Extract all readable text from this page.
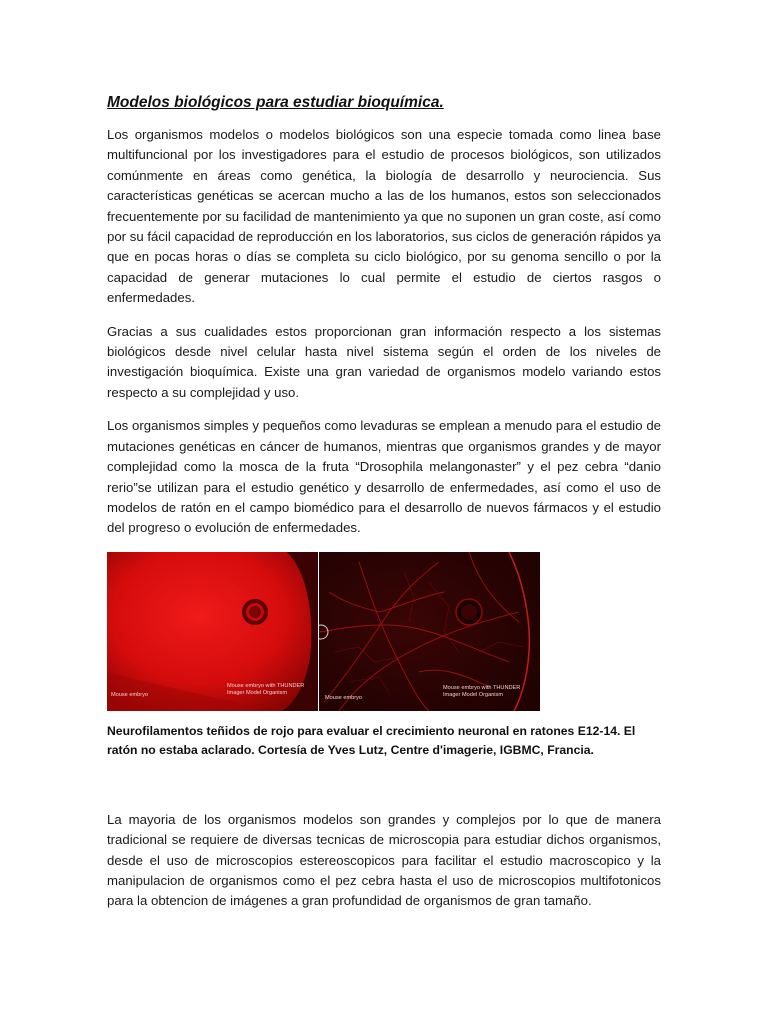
Modelos biológicos para estudiar bioquímica.

Los organismos modelos o modelos biológicos son una especie tomada como linea base multifuncional por los investigadores para el estudio de procesos biológicos, son utilizados comúnmente en áreas como genética, la biología de desarrollo y neurociencia. Sus características genéticas se acercan mucho a las de los humanos, estos son seleccionados frecuentemente por su facilidad de mantenimiento ya que no suponen un gran coste, así como por su fácil capacidad de reproducción en los laboratorios, sus ciclos de generación rápidos ya que en pocas horas o días se completa su ciclo biológico, por su genoma sencillo o por la capacidad de generar mutaciones lo cual permite el estudio de ciertos rasgos o enfermedades.

Gracias a sus cualidades estos proporcionan gran información respecto a los sistemas biológicos desde nivel celular hasta nivel sistema según el orden de los niveles de investigación bioquímica. Existe una gran variedad de organismos modelo variando estos respecto a su complejidad y uso.

Los organismos simples y pequeños como levaduras se emplean a menudo para el estudio de mutaciones genéticas en cáncer de humanos, mientras que organismos grandes y de mayor complejidad como la mosca de la fruta “Drosophila melangonaster” y el pez cebra “danio rerio”se utilizan para el estudio genético y desarrollo de enfermedades, así como el uso de modelos de ratón en el campo biomédico para el desarrollo de nuevos fármacos y el estudio del progreso o evolución de enfermedades.

Mouse embryo
Mouse embryo with THUNDER Imager Model Organism
Mouse embryo
Mouse embryo with THUNDER Imager Model Organism

Neurofilamentos teñidos de rojo para evaluar el crecimiento neuronal en ratones E12-14. El ratón no estaba aclarado. Cortesía de Yves Lutz, Centre d'imagerie, IGBMC, Francia.

La mayoria de los organismos modelos son grandes y complejos por lo que de manera tradicional se requiere de diversas tecnicas de microscopia para estudiar dichos organismos, desde el uso de microscopios estereoscopicos para facilitar el estudio macroscopico y la manipulacion de organismos como el pez cebra hasta el uso de microscopios multifotonicos para la obtencion de imágenes a gran profundidad de organismos de gran tamaño.
